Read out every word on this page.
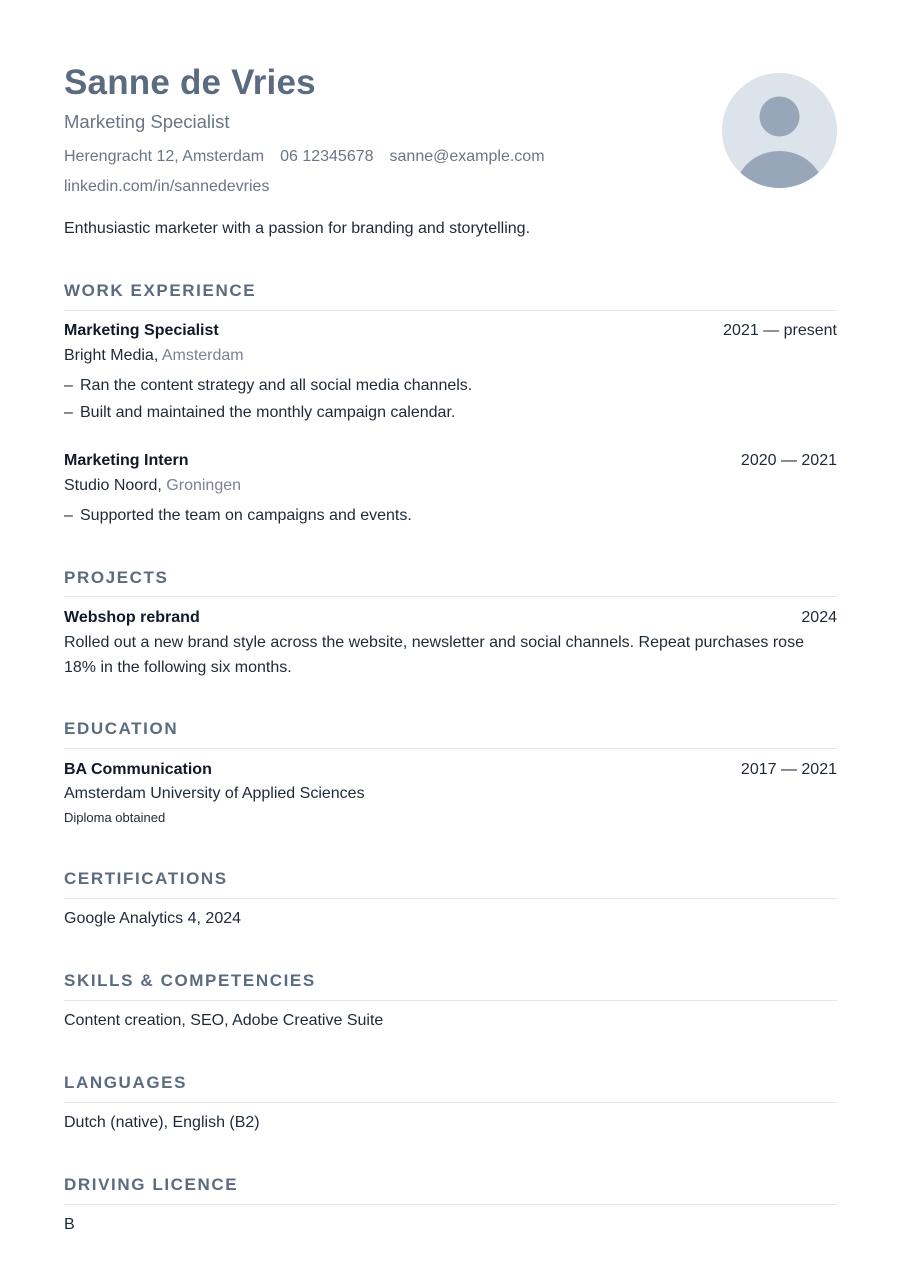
Sanne de Vries
Marketing Specialist
Herengracht 12, Amsterdam 06 12345678 sanne@example.com
linkedin.com/in/sannedevries
Enthusiastic marketer with a passion for branding and storytelling.
WORK EXPERIENCE
Marketing Specialist	2021 — present
Bright Media, Amsterdam
– Ran the content strategy and all social media channels.
– Built and maintained the monthly campaign calendar.
Marketing Intern	2020 — 2021
Studio Noord, Groningen
– Supported the team on campaigns and events.
PROJECTS
Webshop rebrand	2024
Rolled out a new brand style across the website, newsletter and social channels. Repeat purchases rose 18% in the following six months.
EDUCATION
BA Communication	2017 — 2021
Amsterdam University of Applied Sciences
Diploma obtained
CERTIFICATIONS
Google Analytics 4, 2024
SKILLS & COMPETENCIES
Content creation, SEO, Adobe Creative Suite
LANGUAGES
Dutch (native), English (B2)
DRIVING LICENCE
B
